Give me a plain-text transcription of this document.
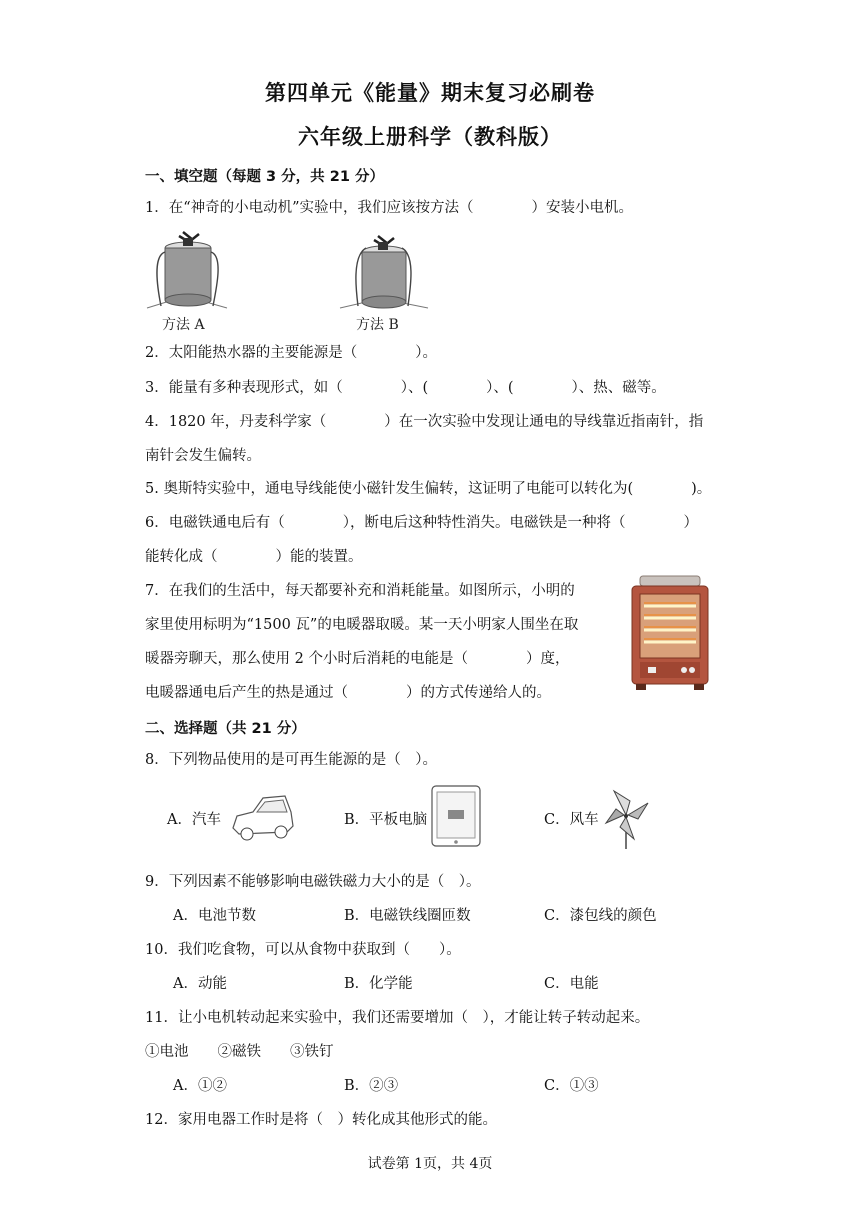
第四单元《能量》期末复习必刷卷
六年级上册科学（教科版）
一、填空题（每题 3 分，共 21 分）
1．在“神奇的小电动机”实验中，我们应该按方法（　　　　）安装小电机。
方法 A	方法 B
2．太阳能热水器的主要能源是（　　　　）。
3．能量有多种表现形式，如（　　　　）、(　　　　）、(　　　　）、热、磁等。
4．1820 年，丹麦科学家（　　　　）在一次实验中发现让通电的导线靠近指南针，指
南针会发生偏转。
5. 奥斯特实验中，通电导线能使小磁针发生偏转，这证明了电能可以转化为(　　　　)。
6．电磁铁通电后有（　　　　），断电后这种特性消失。电磁铁是一种将（　　　　）
能转化成（　　　　）能的装置。
7．在我们的生活中，每天都要补充和消耗能量。如图所示，小明的
家里使用标明为“1500 瓦”的电暖器取暖。某一天小明家人围坐在取
暖器旁聊天，那么使用 2 个小时后消耗的电能是（　　　　）度，
电暖器通电后产生的热是通过（　　　　）的方式传递给人的。
二、选择题（共 21 分）
8．下列物品使用的是可再生能源的是（　）。
A．汽车	B．平板电脑	C．风车
9．下列因素不能够影响电磁铁磁力大小的是（　）。
A．电池节数	B．电磁铁线圈匝数	C．漆包线的颜色
10．我们吃食物，可以从食物中获取到（　　）。
A．动能	B．化学能	C．电能
11．让小电机转动起来实验中，我们还需要增加（　），才能让转子转动起来。
①电池　　②磁铁　　③铁钉
A．①②	B．②③	C．①③
12．家用电器工作时是将（　）转化成其他形式的能。
试卷第 1页，共 4页
